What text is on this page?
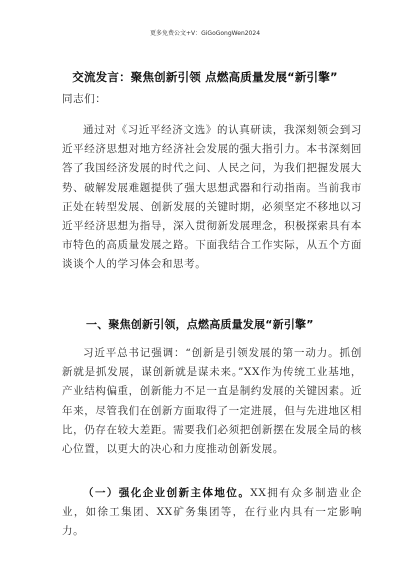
更多免费公文+V：GiGoGongWen2024
交流发言：聚焦创新引领 点燃高质量发展“新引擎”
同志们：
通过对《习近平经济文选》的认真研读，我深刻领会到习近平经济思想对地方经济社会发展的强大指引力。本书深刻回答了我国经济发展的时代之问、人民之问，为我们把握发展大势、破解发展难题提供了强大思想武器和行动指南。当前我市正处在转型发展、创新发展的关键时期，必须坚定不移地以习近平经济思想为指导，深入贯彻新发展理念，积极探索具有本市特色的高质量发展之路。下面我结合工作实际，从五个方面谈谈个人的学习体会和思考。
一、聚焦创新引领，点燃高质量发展“新引擎”
习近平总书记强调：“创新是引领发展的第一动力。抓创新就是抓发展，谋创新就是谋未来。”XX作为传统工业基地，产业结构偏重，创新能力不足一直是制约发展的关键因素。近年来，尽管我们在创新方面取得了一定进展，但与先进地区相比，仍存在较大差距。需要我们必须把创新摆在发展全局的核心位置，以更大的决心和力度推动创新发展。
（一）强化企业创新主体地位。XX拥有众多制造业企业，如徐工集团、XX矿务集团等，在行业内具有一定影响力。
